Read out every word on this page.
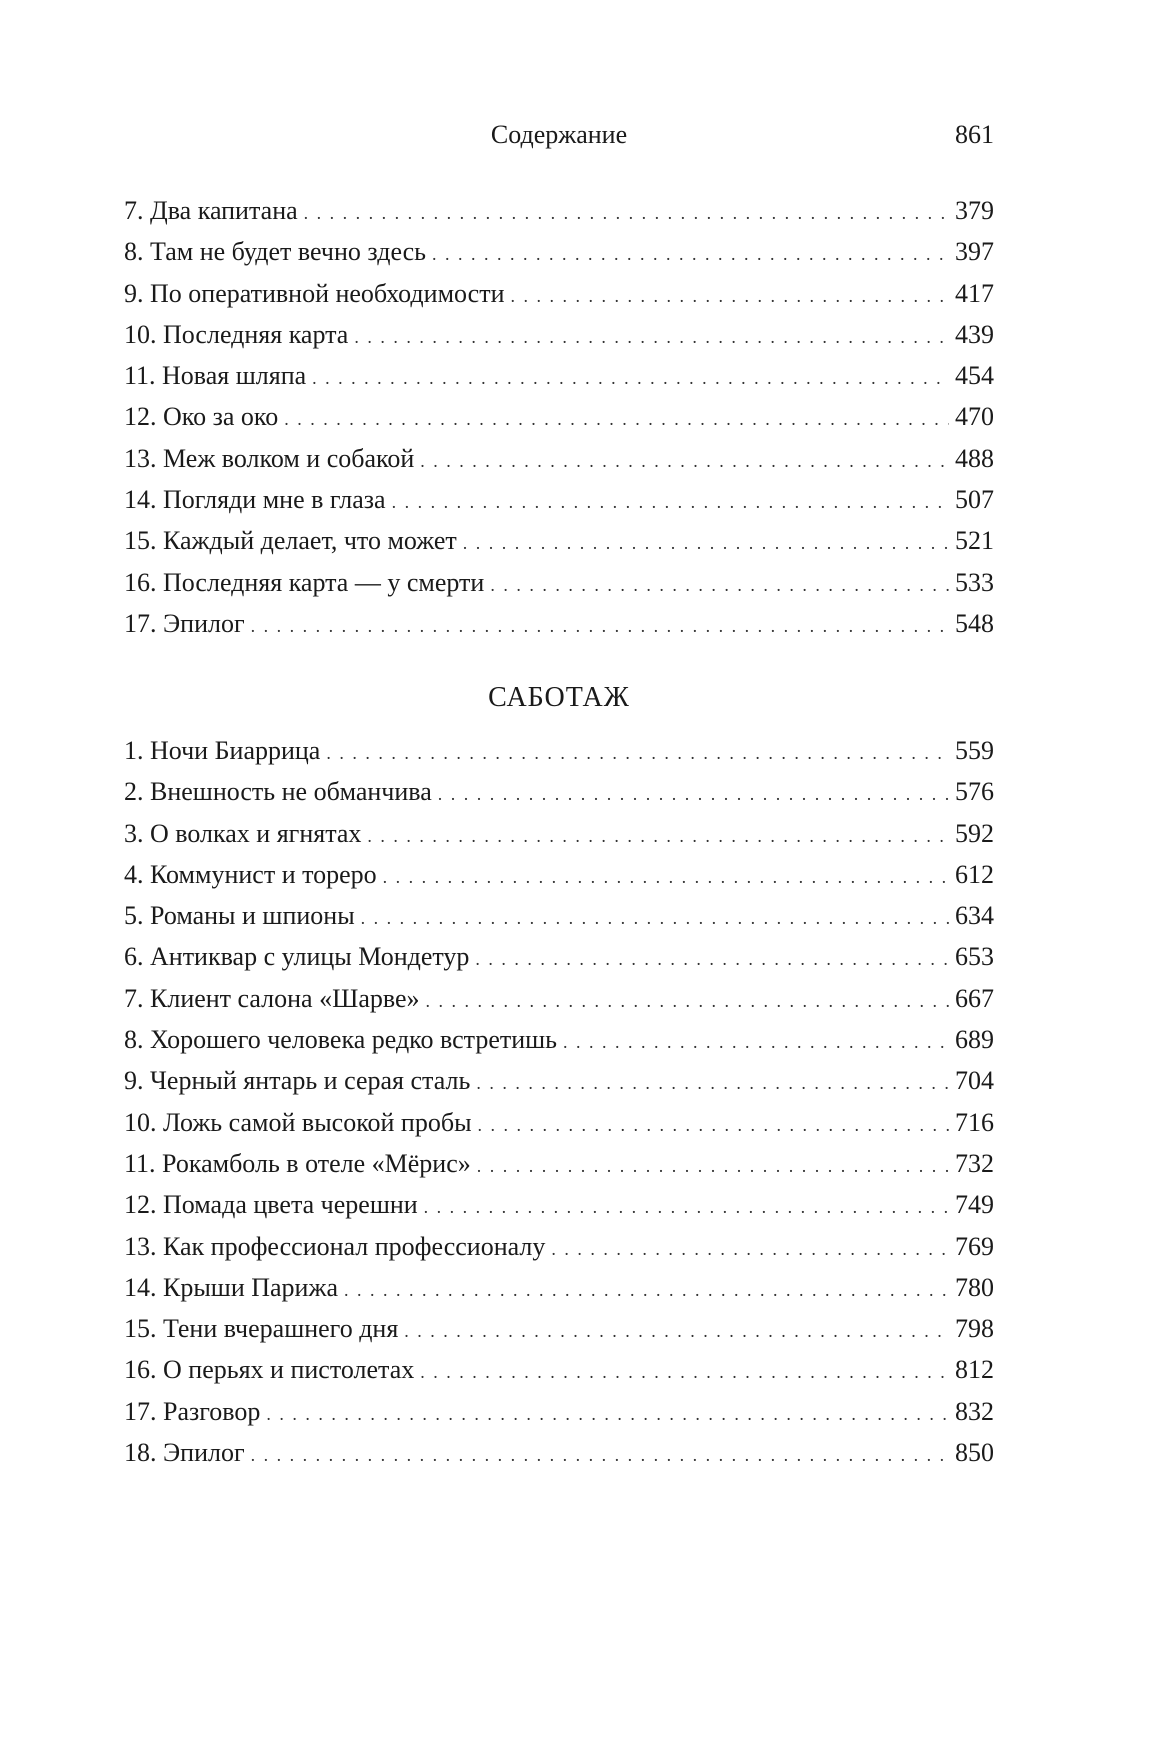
Содержание	861
7. Два капитана . . .	379
8. Там не будет вечно здесь . . .	397
9. По оперативной необходимости . . .	417
10. Последняя карта . . .	439
11. Новая шляпа . . .	454
12. Око за око . . .	470
13. Меж волком и собакой . . .	488
14. Погляди мне в глаза . . .	507
15. Каждый делает, что может . . .	521
16. Последняя карта — у смерти . . .	533
17. Эпилог . . .	548
САБОТАЖ
1. Ночи Биаррица . . .	559
2. Внешность не обманчива . . .	576
3. О волках и ягнятах . . .	592
4. Коммунист и тореро . . .	612
5. Романы и шпионы . . .	634
6. Антиквар с улицы Мондетур . . .	653
7. Клиент салона «Шарве» . . .	667
8. Хорошего человека редко встретишь . . .	689
9. Черный янтарь и серая сталь . . .	704
10. Ложь самой высокой пробы . . .	716
11. Рокамболь в отеле «Мёрис» . . .	732
12. Помада цвета черешни . . .	749
13. Как профессионал профессионалу . . .	769
14. Крыши Парижа . . .	780
15. Тени вчерашнего дня . . .	798
16. О перьях и пистолетах . . .	812
17. Разговор . . .	832
18. Эпилог . . .	850
